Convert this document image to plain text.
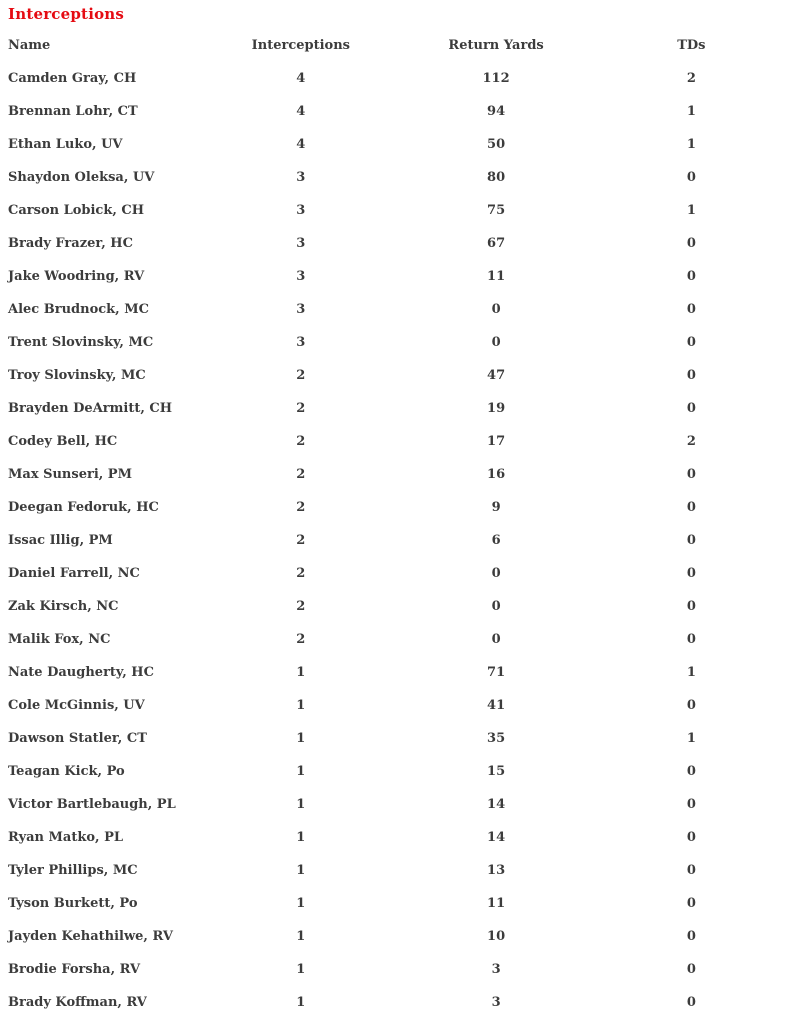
Interceptions
Name	Interceptions	Return Yards	TDs
Camden Gray, CH	4	112	2
Brennan Lohr, CT	4	94	1
Ethan Luko, UV	4	50	1
Shaydon Oleksa, UV	3	80	0
Carson Lobick, CH	3	75	1
Brady Frazer, HC	3	67	0
Jake Woodring, RV	3	11	0
Alec Brudnock, MC	3	0	0
Trent Slovinsky, MC	3	0	0
Troy Slovinsky, MC	2	47	0
Brayden DeArmitt, CH	2	19	0
Codey Bell, HC	2	17	2
Max Sunseri, PM	2	16	0
Deegan Fedoruk, HC	2	9	0
Issac Illig, PM	2	6	0
Daniel Farrell, NC	2	0	0
Zak Kirsch, NC	2	0	0
Malik Fox, NC	2	0	0
Nate Daugherty, HC	1	71	1
Cole McGinnis, UV	1	41	0
Dawson Statler, CT	1	35	1
Teagan Kick, Po	1	15	0
Victor Bartlebaugh, PL	1	14	0
Ryan Matko, PL	1	14	0
Tyler Phillips, MC	1	13	0
Tyson Burkett, Po	1	11	0
Jayden Kehathilwe, RV	1	10	0
Brodie Forsha, RV	1	3	0
Brady Koffman, RV	1	3	0
